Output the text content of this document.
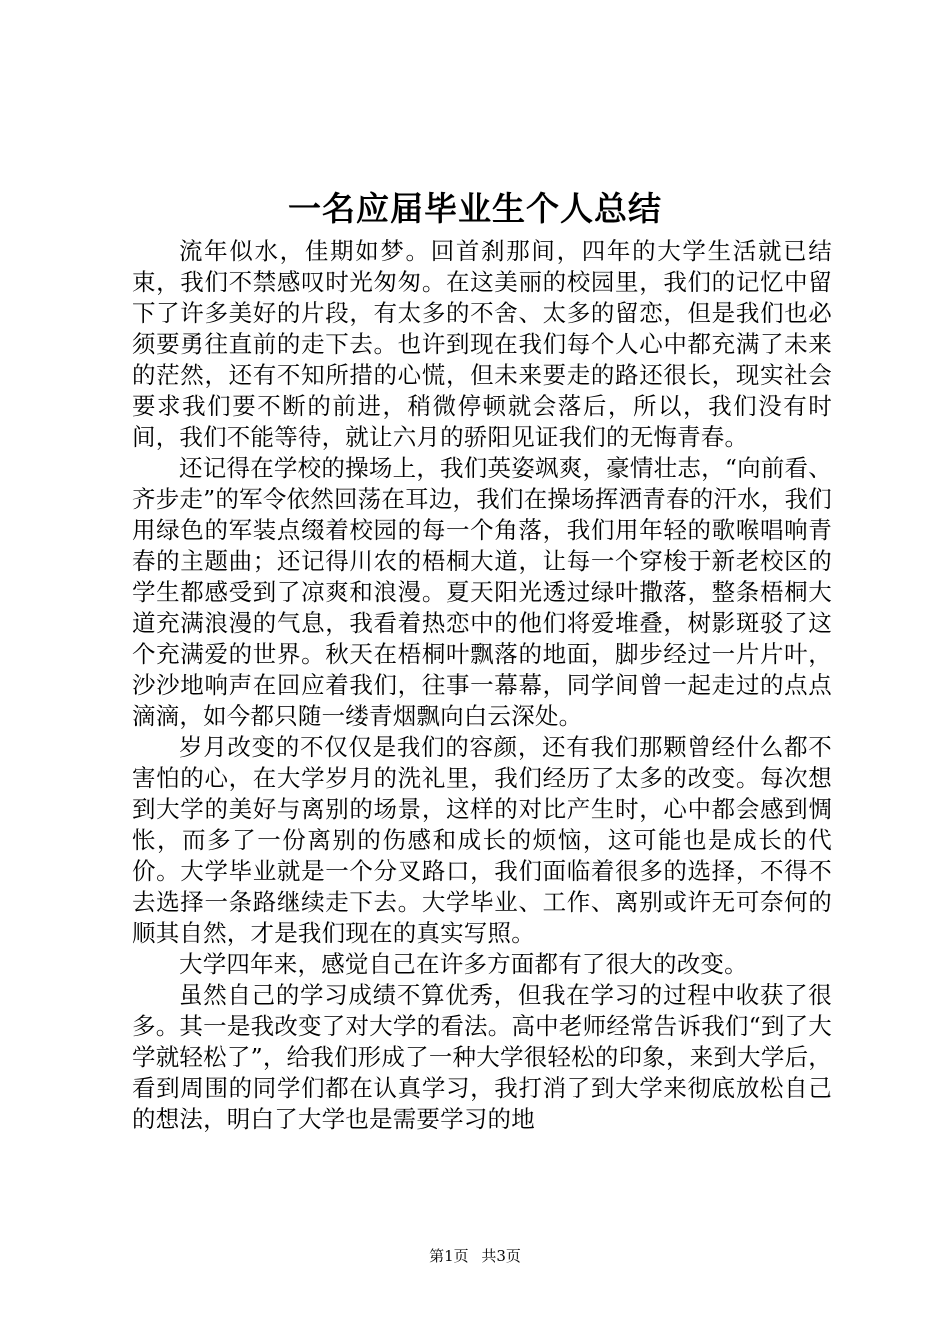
一名应届毕业生个人总结

流年似水，佳期如梦。回首刹那间，四年的大学生活就已结束，我们不禁感叹时光匆匆。在这美丽的校园里，我们的记忆中留下了许多美好的片段，有太多的不舍、太多的留恋，但是我们也必须要勇往直前的走下去。也许到现在我们每个人心中都充满了未来的茫然，还有不知所措的心慌，但未来要走的路还很长，现实社会要求我们要不断的前进，稍微停顿就会落后，所以，我们没有时间，我们不能等待，就让六月的骄阳见证我们的无悔青春。

还记得在学校的操场上，我们英姿飒爽，豪情壮志，“向前看、齐步走”的军令依然回荡在耳边，我们在操场挥洒青春的汗水，我们用绿色的军装点缀着校园的每一个角落，我们用年轻的歌喉唱响青春的主题曲；还记得川农的梧桐大道，让每一个穿梭于新老校区的学生都感受到了凉爽和浪漫。夏天阳光透过绿叶撒落，整条梧桐大道充满浪漫的气息，我看着热恋中的他们将爱堆叠，树影斑驳了这个充满爱的世界。秋天在梧桐叶飘落的地面，脚步经过一片片叶，沙沙地响声在回应着我们，往事一幕幕，同学间曾一起走过的点点滴滴，如今都只随一缕青烟飘向白云深处。

岁月改变的不仅仅是我们的容颜，还有我们那颗曾经什么都不害怕的心，在大学岁月的洗礼里，我们经历了太多的改变。每次想到大学的美好与离别的场景，这样的对比产生时，心中都会感到惆怅，而多了一份离别的伤感和成长的烦恼，这可能也是成长的代价。大学毕业就是一个分叉路口，我们面临着很多的选择，不得不去选择一条路继续走下去。大学毕业、工作、离别或许无可奈何的顺其自然，才是我们现在的真实写照。

大学四年来，感觉自己在许多方面都有了很大的改变。

虽然自己的学习成绩不算优秀，但我在学习的过程中收获了很多。其一是我改变了对大学的看法。高中老师经常告诉我们“到了大学就轻松了”，给我们形成了一种大学很轻松的印象，来到大学后，看到周围的同学们都在认真学习，我打消了到大学来彻底放松自己的想法，明白了大学也是需要学习的地

第1页 共3页
